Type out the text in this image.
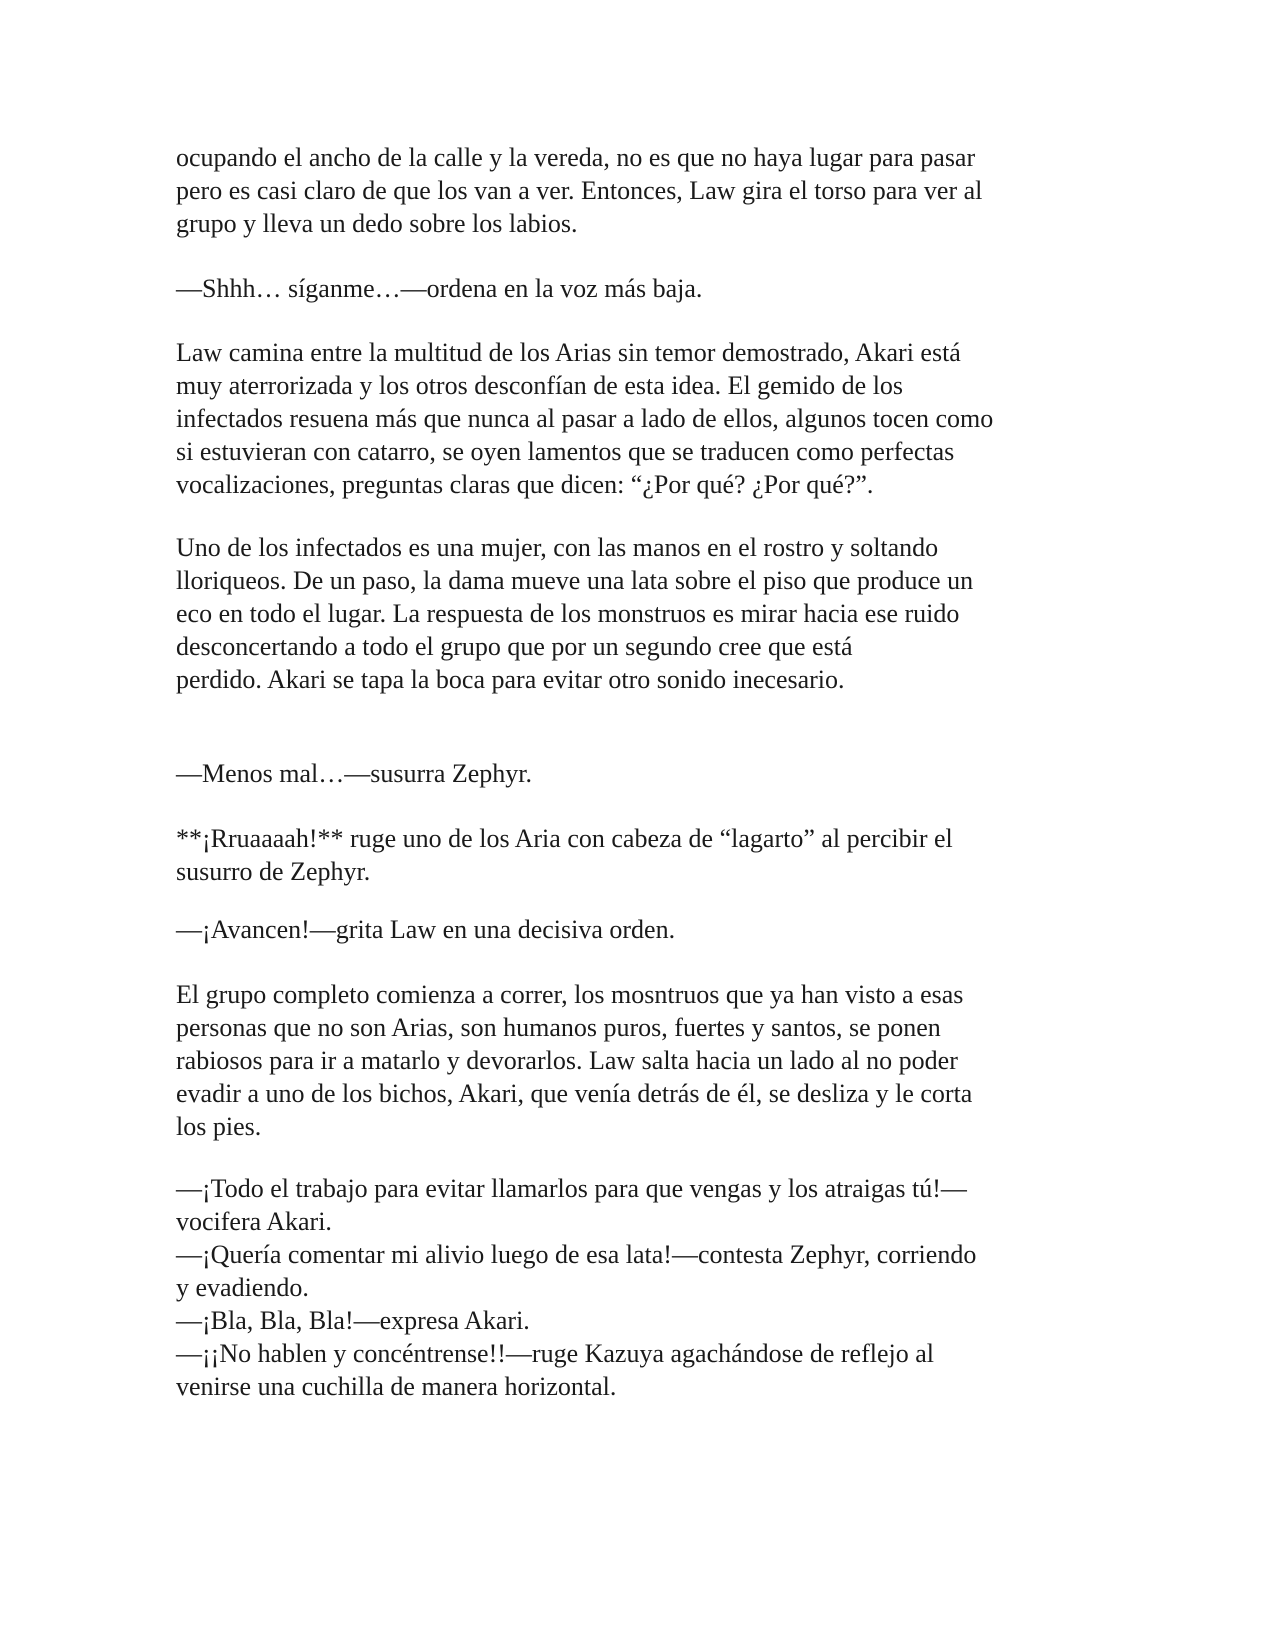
ocupando el ancho de la calle y la vereda, no es que no haya lugar para pasar
pero es casi claro de que los van a ver. Entonces, Law gira el torso para ver al
grupo y lleva un dedo sobre los labios.

—Shhh… síganme…—ordena en la voz más baja.

Law camina entre la multitud de los Arias sin temor demostrado, Akari está
muy aterrorizada y los otros desconfían de esta idea. El gemido de los
infectados resuena más que nunca al pasar a lado de ellos, algunos tocen como
si estuvieran con catarro, se oyen lamentos que se traducen como perfectas
vocalizaciones, preguntas claras que dicen: “¿Por qué? ¿Por qué?”.

Uno de los infectados es una mujer, con las manos en el rostro y soltando
lloriqueos. De un paso, la dama mueve una lata sobre el piso que produce un
eco en todo el lugar. La respuesta de los monstruos es mirar hacia ese ruido
desconcertando a todo el grupo que por un segundo cree que está
perdido. Akari se tapa la boca para evitar otro sonido inecesario.

—Menos mal…—susurra Zephyr.

**¡Rruaaaah!** ruge uno de los Aria con cabeza de “lagarto” al percibir el
susurro de Zephyr.

—¡Avancen!—grita Law en una decisiva orden.

El grupo completo comienza a correr, los mosntruos que ya han visto a esas
personas que no son Arias, son humanos puros, fuertes y santos, se ponen
rabiosos para ir a matarlo y devorarlos. Law salta hacia un lado al no poder
evadir a uno de los bichos, Akari, que venía detrás de él, se desliza y le corta
los pies.

—¡Todo el trabajo para evitar llamarlos para que vengas y los atraigas tú!—
vocifera Akari.
—¡Quería comentar mi alivio luego de esa lata!—contesta Zephyr, corriendo
y evadiendo.
—¡Bla, Bla, Bla!—expresa Akari.
—¡¡No hablen y concéntrense!!—ruge Kazuya agachándose de reflejo al
venirse una cuchilla de manera horizontal.
